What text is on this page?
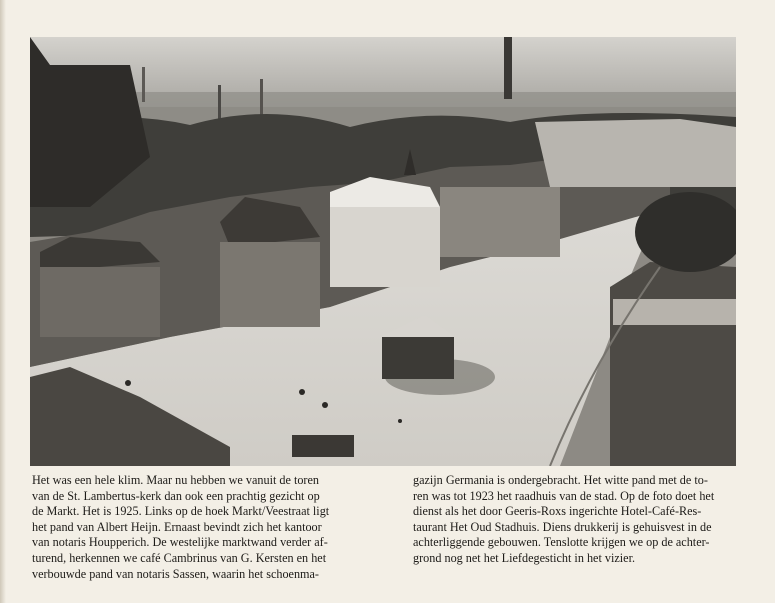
Het was een hele klim. Maar nu hebben we vanuit de toren
van de St. Lambertus-kerk dan ook een prachtig gezicht op
de Markt. Het is 1925. Links op de hoek Markt/Veestraat ligt
het pand van Albert Heijn. Ernaast bevindt zich het kantoor
van notaris Houpperich. De westelijke marktwand verder af-
turend, herkennen we café Cambrinus van G. Kersten en het
verbouwde pand van notaris Sassen, waarin het schoenma-
gazijn Germania is ondergebracht. Het witte pand met de to-
ren was tot 1923 het raadhuis van de stad. Op de foto doet het
dienst als het door Geeris-Roxs ingerichte Hotel-Café-Res-
taurant Het Oud Stadhuis. Diens drukkerij is gehuisvest in de
achterliggende gebouwen. Tenslotte krijgen we op de achter-
grond nog net het Liefdegesticht in het vizier.
